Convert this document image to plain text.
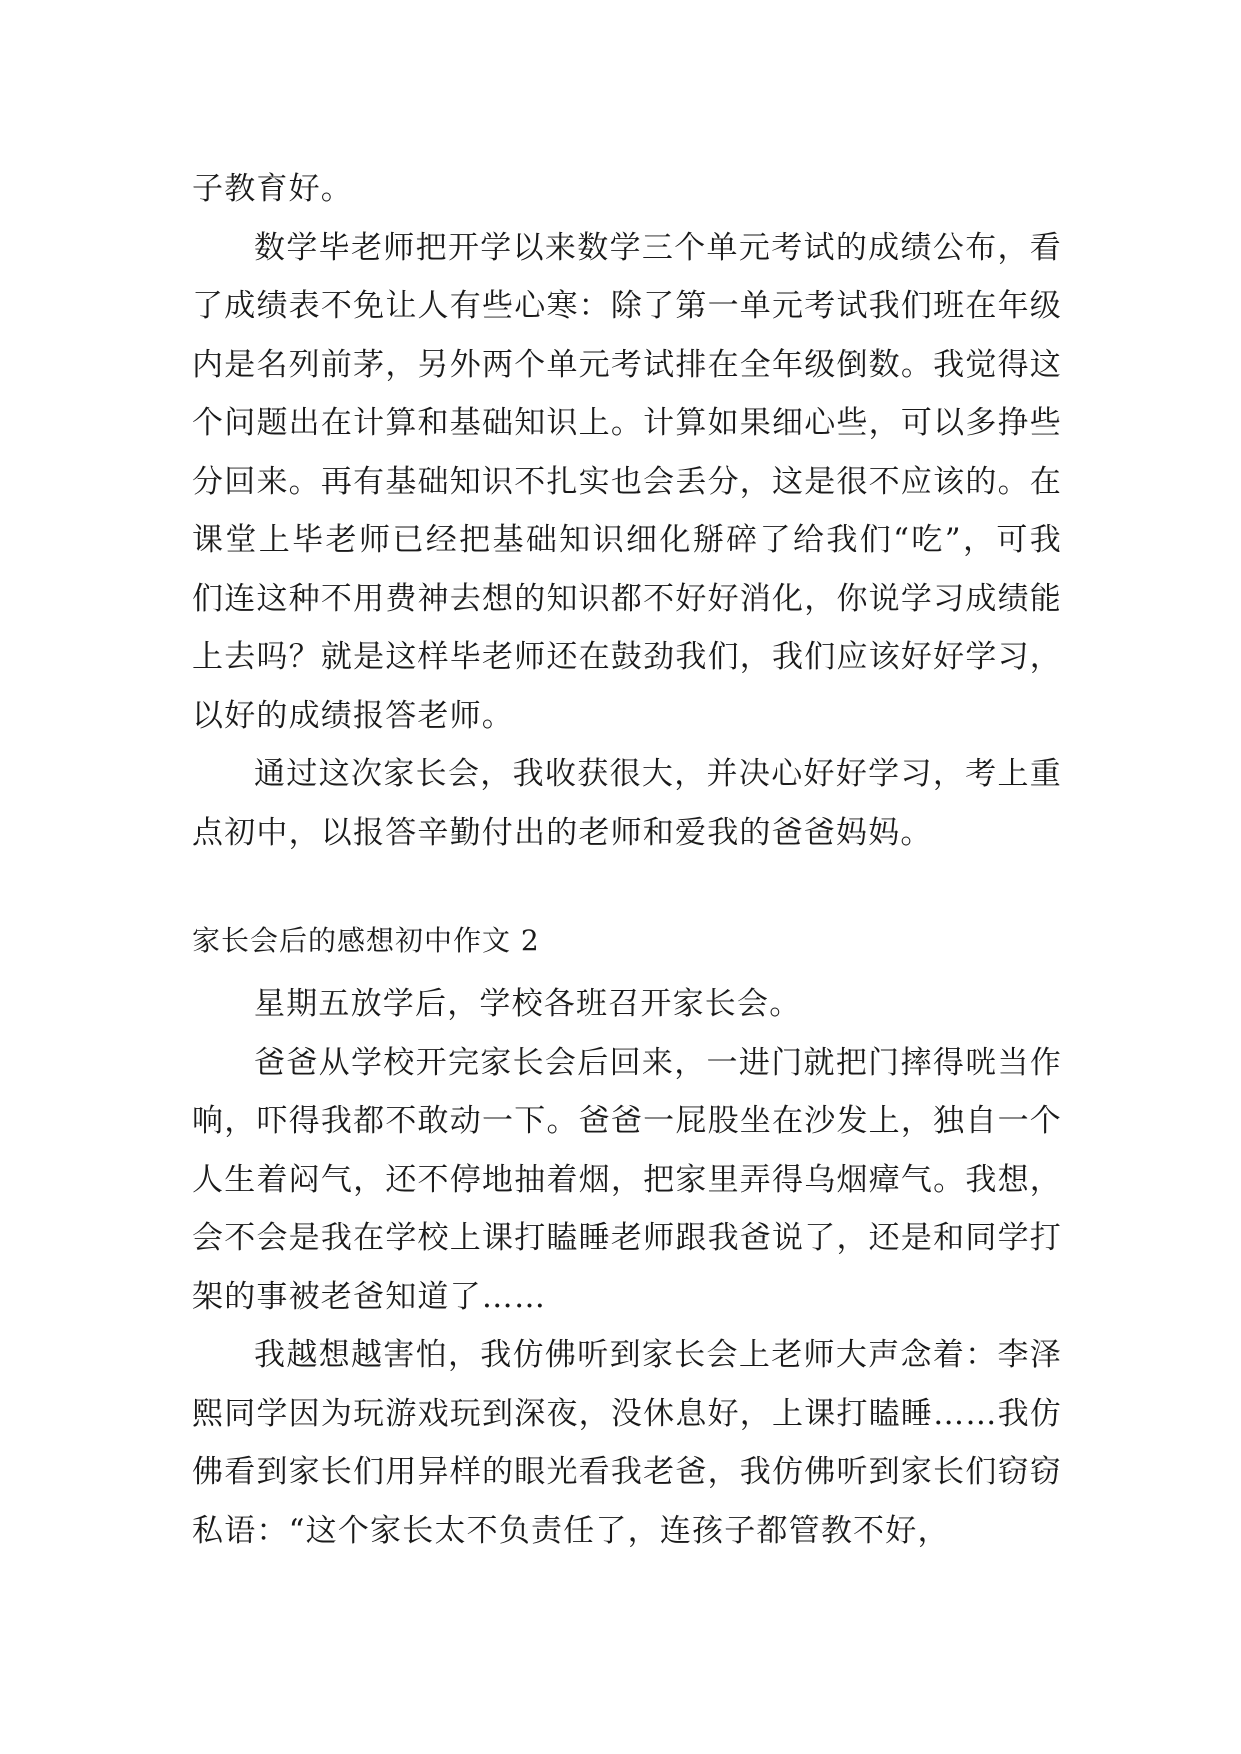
子教育好。

数学毕老师把开学以来数学三个单元考试的成绩公布，看了成绩表不免让人有些心寒：除了第一单元考试我们班在年级内是名列前茅，另外两个单元考试排在全年级倒数。我觉得这个问题出在计算和基础知识上。计算如果细心些，可以多挣些分回来。再有基础知识不扎实也会丢分，这是很不应该的。在课堂上毕老师已经把基础知识细化掰碎了给我们“吃”，可我们连这种不用费神去想的知识都不好好消化，你说学习成绩能上去吗？就是这样毕老师还在鼓劲我们，我们应该好好学习，以好的成绩报答老师。

通过这次家长会，我收获很大，并决心好好学习，考上重点初中，以报答辛勤付出的老师和爱我的爸爸妈妈。

家长会后的感想初中作文 2

星期五放学后，学校各班召开家长会。

爸爸从学校开完家长会后回来，一进门就把门摔得咣当作响，吓得我都不敢动一下。爸爸一屁股坐在沙发上，独自一个人生着闷气，还不停地抽着烟，把家里弄得乌烟瘴气。我想，会不会是我在学校上课打瞌睡老师跟我爸说了，还是和同学打架的事被老爸知道了……

我越想越害怕，我仿佛听到家长会上老师大声念着：李泽熙同学因为玩游戏玩到深夜，没休息好，上课打瞌睡……我仿佛看到家长们用异样的眼光看我老爸，我仿佛听到家长们窃窃私语：“这个家长太不负责任了，连孩子都管教不好，
